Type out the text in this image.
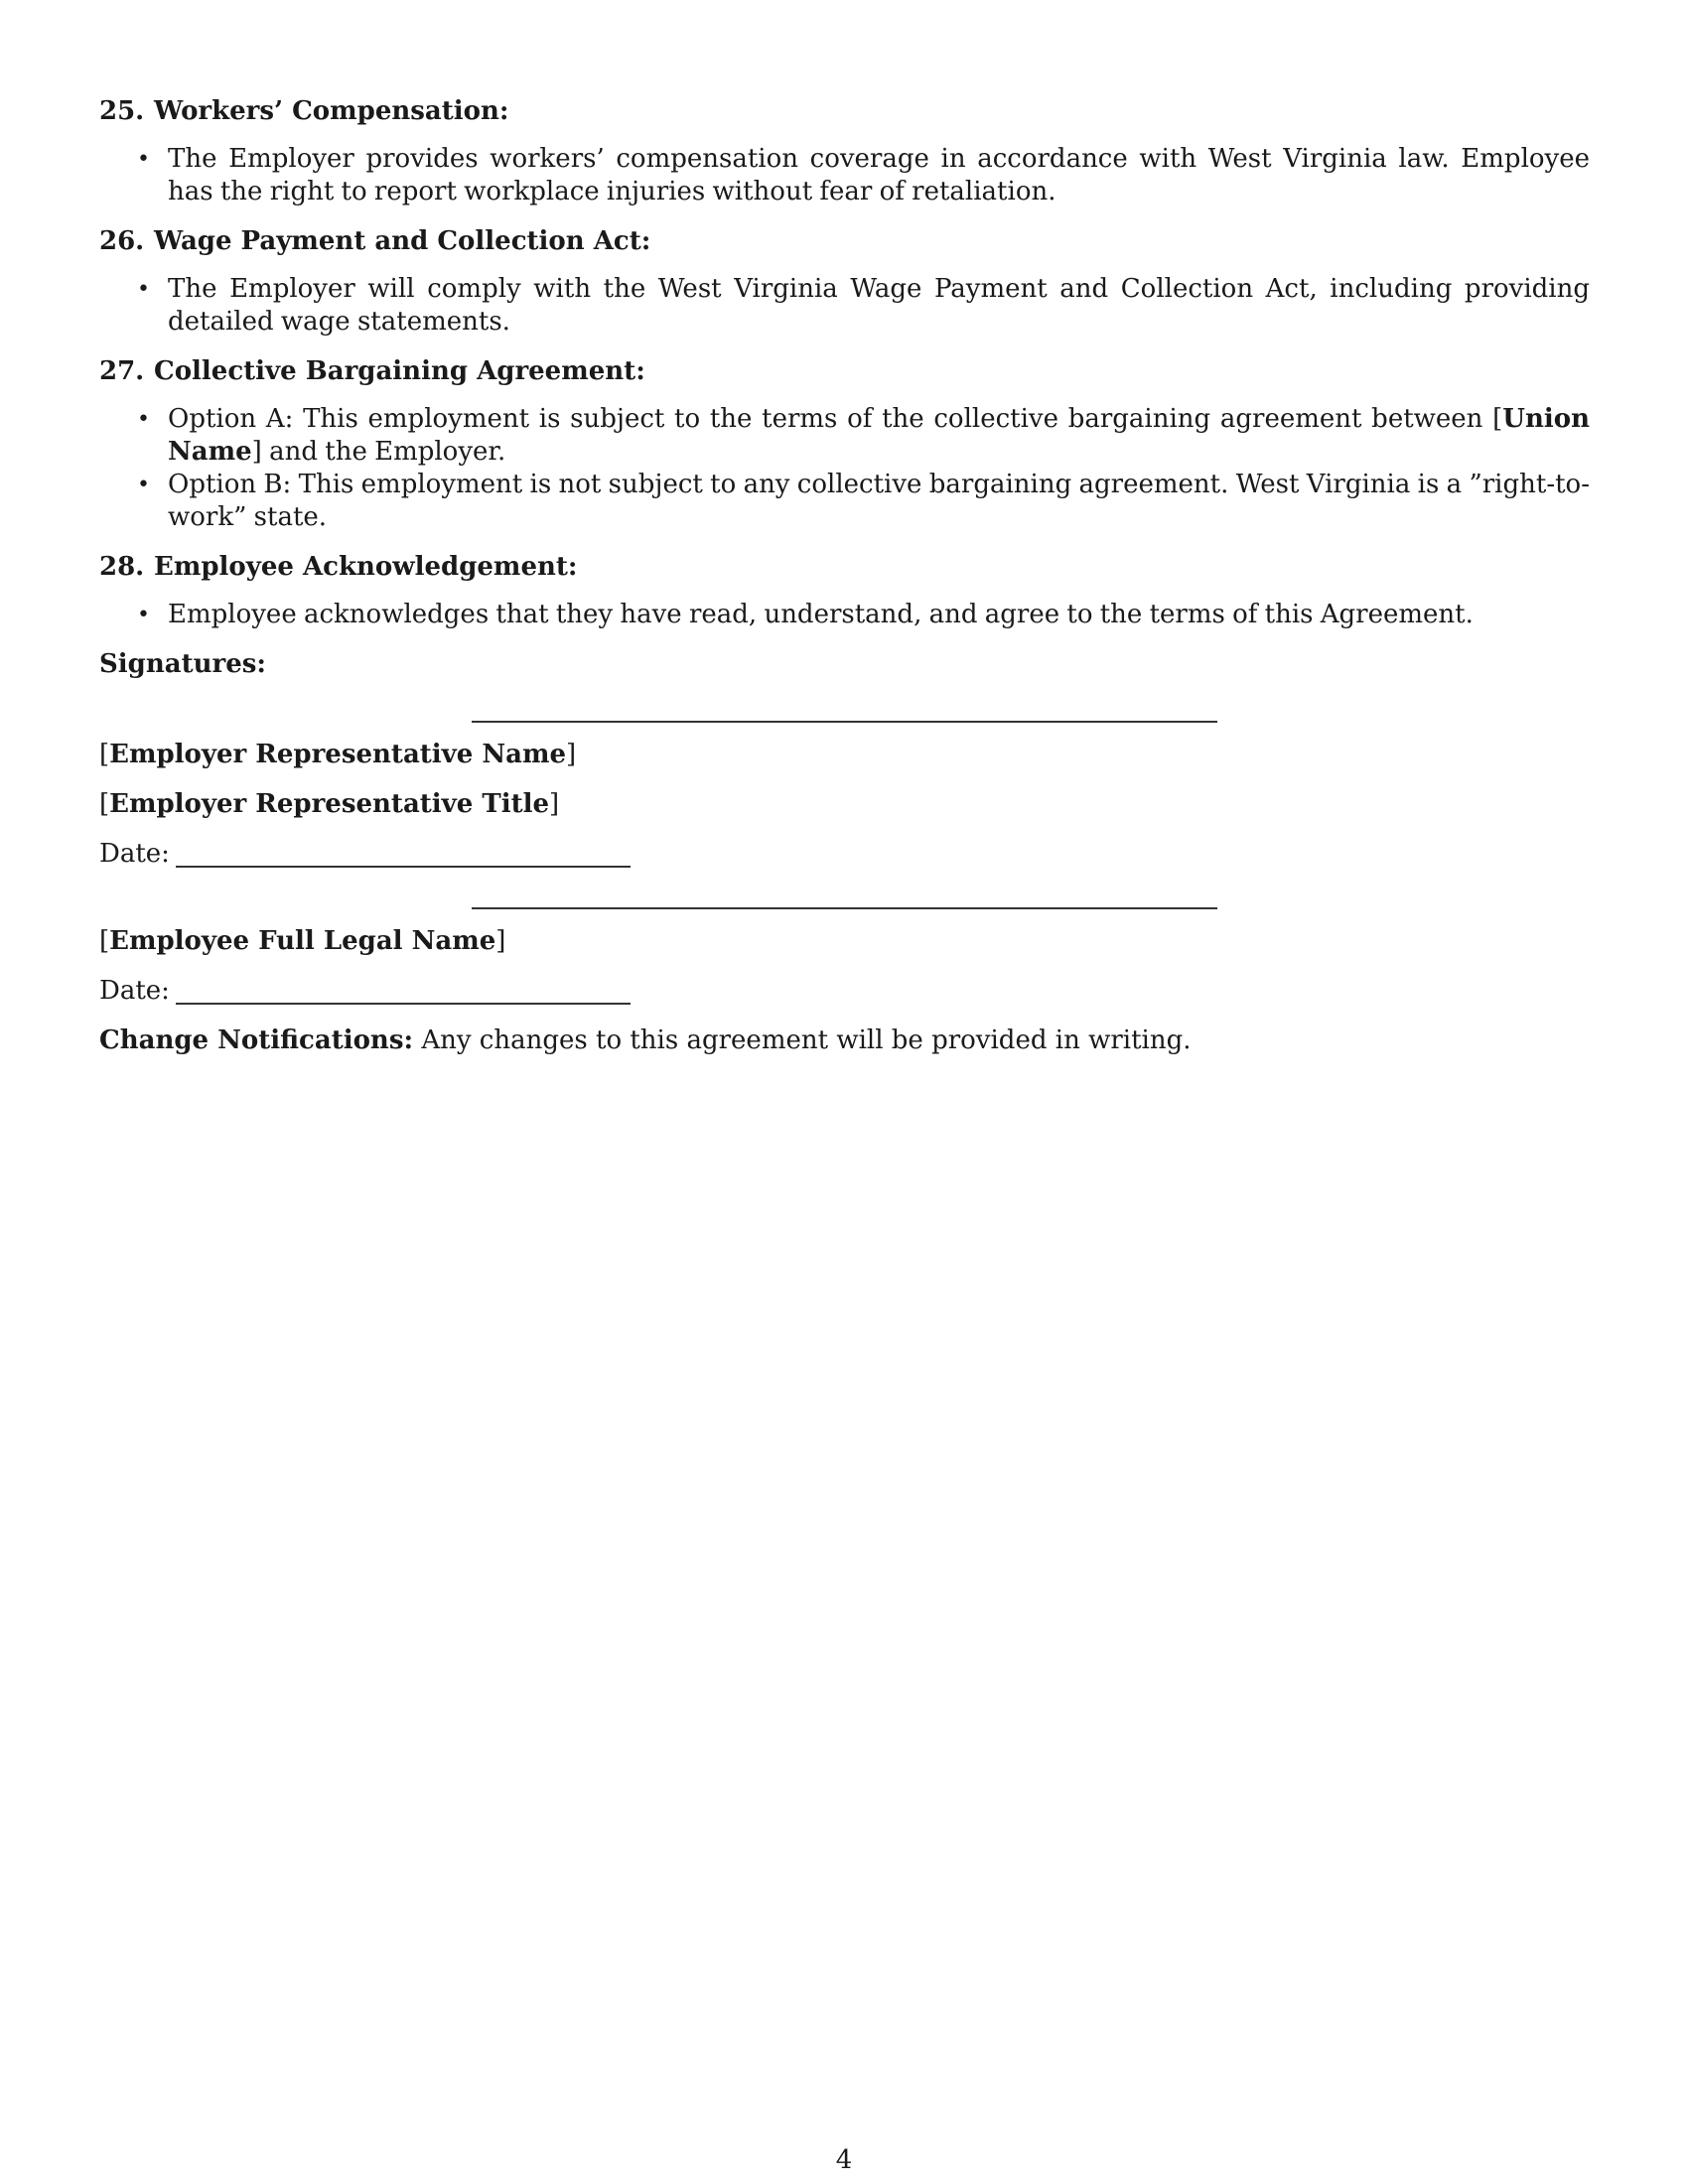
25. Workers’ Compensation:
• The Employer provides workers’ compensation coverage in accordance with West Virginia law. Employee has the right to report workplace injuries without fear of retaliation.
26. Wage Payment and Collection Act:
• The Employer will comply with the West Virginia Wage Payment and Collection Act, including providing detailed wage statements.
27. Collective Bargaining Agreement:
• Option A: This employment is subject to the terms of the collective bargaining agreement between [Union Name] and the Employer.
• Option B: This employment is not subject to any collective bargaining agreement. West Virginia is a ”right-to-work” state.
28. Employee Acknowledgement:
• Employee acknowledges that they have read, understand, and agree to the terms of this Agreement.
Signatures:
[Employer Representative Name]
[Employer Representative Title]
Date:
[Employee Full Legal Name]
Date:
Change Notifications: Any changes to this agreement will be provided in writing.
4
